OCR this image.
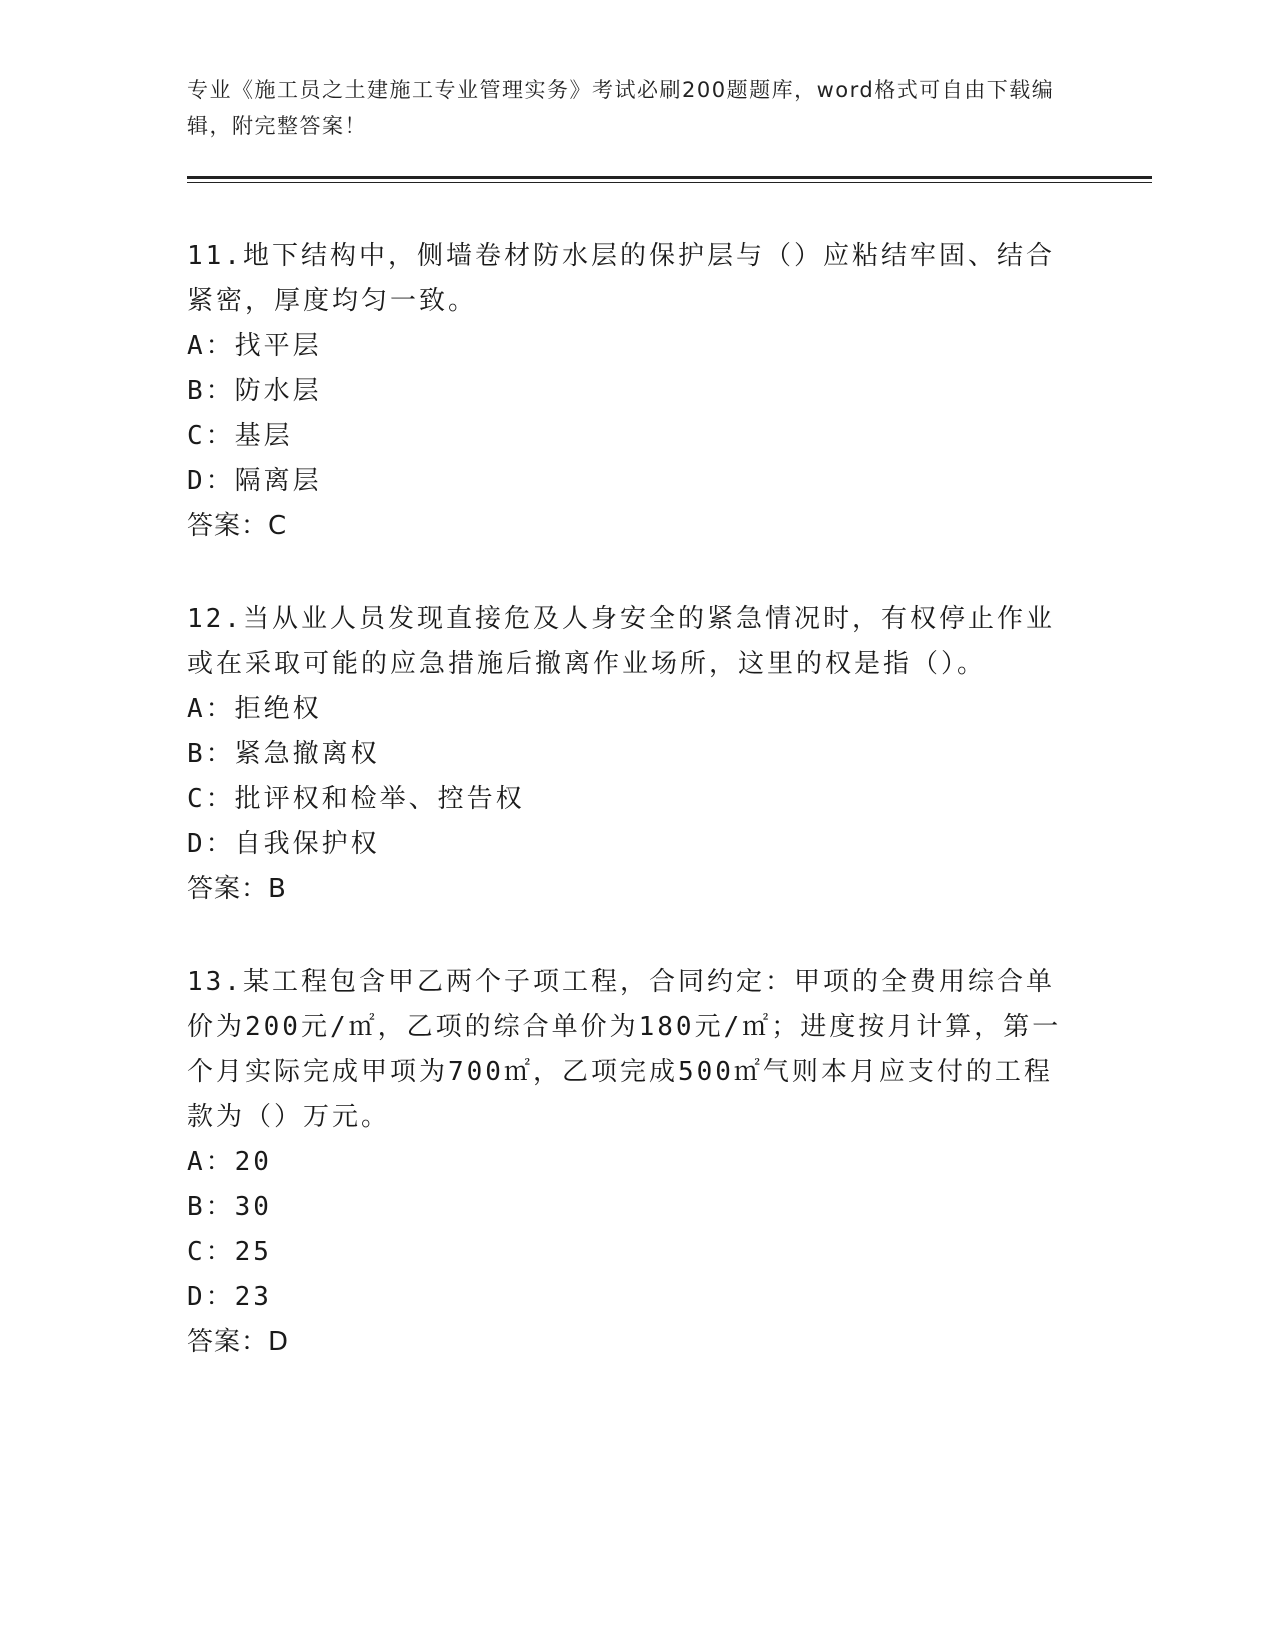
专业《施工员之土建施工专业管理实务》考试必刷200题题库，word格式可自由下载编辑，附完整答案！
11.地下结构中，侧墙卷材防水层的保护层与（）应粘结牢固、结合紧密，厚度均匀一致。
A：找平层
B：防水层
C：基层
D：隔离层
答案：C
12.当从业人员发现直接危及人身安全的紧急情况时，有权停止作业或在采取可能的应急措施后撤离作业场所，这里的权是指（）。
A：拒绝权
B：紧急撤离权
C：批评权和检举、控告权
D：自我保护权
答案：B
13.某工程包含甲乙两个子项工程，合同约定：甲项的全费用综合单价为200元/㎡，乙项的综合单价为180元/㎡；进度按月计算，第一个月实际完成甲项为700㎡，乙项完成500㎡气则本月应支付的工程款为（）万元。
A：20
B：30
C：25
D：23
答案：D
